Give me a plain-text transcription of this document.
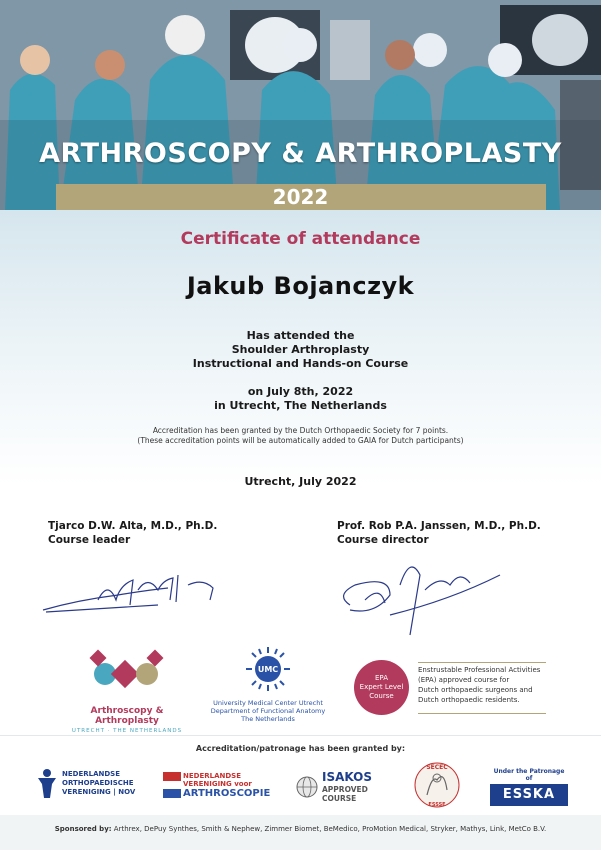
ARTHROSCOPY & ARTHROPLASTY
2022
Certificate of attendance
Jakub Bojanczyk
Has attended the
Shoulder Arthroplasty
Instructional and Hands-on Course
on July 8th, 2022
in Utrecht, The Netherlands
Accreditation has been granted by the Dutch Orthopaedic Society for 7 points.
(These accreditation points will be automatically added to GAIA for Dutch participants)
Utrecht, July 2022
Tjarco D.W. Alta, M.D., Ph.D.
Course leader
Prof. Rob P.A. Janssen, M.D., Ph.D.
Course director
Arthroscopy & Arthroplasty
UTRECHT · THE NETHERLANDS
UMC
University Medical Center Utrecht
Department of Functional Anatomy
The Netherlands
EPA
Expert Level
Course
Enstrustable Professional Activities
(EPA) approved course for
Dutch orthopaedic surgeons and
Dutch orthopaedic residents.
Accreditation/patronage has been granted by:
NEDERLANDSE
ORTHOPAEDISCHE
VERENIGING | NOV
NEDERLANDSE
VERENIGING voor
ARTHROSCOPIE
ISAKOS
APPROVED
COURSE
SECEC
ESSSE
Under the Patronage of
ESSKA
Sponsored by: Arthrex, DePuy Synthes, Smith & Nephew, Zimmer Biomet, BeMedico, ProMotion Medical, Stryker, Mathys, Link, MetCo B.V.
